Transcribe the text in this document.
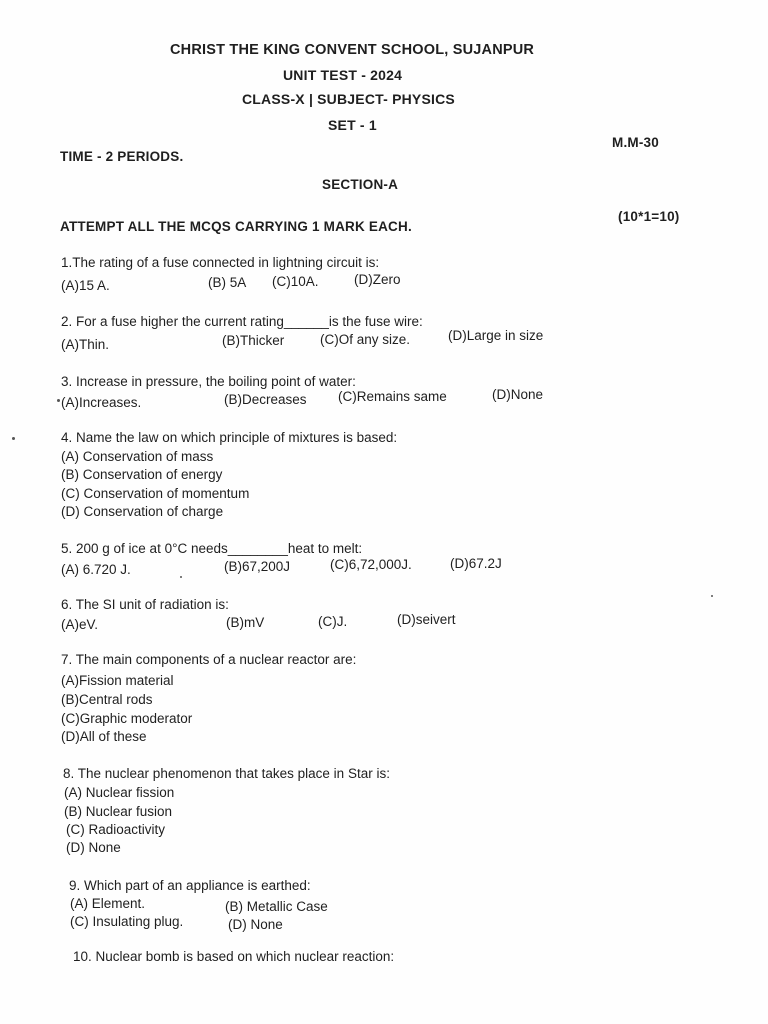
CHRIST THE KING CONVENT SCHOOL, SUJANPUR
UNIT TEST - 2024
CLASS-X | SUBJECT- PHYSICS
SET - 1
TIME - 2 PERIODS.
M.M-30
SECTION-A
ATTEMPT ALL THE MCQS CARRYING 1 MARK EACH.
(10*1=10)
1.The rating of a fuse connected in lightning circuit is:
(A)15 A.	(B) 5A (C)10A.	(D)Zero
2. For a fuse higher the current rating______is the fuse wire:
(A)Thin.	(B)Thicker	(C)Of any size.	(D)Large in size
3. Increase in pressure, the boiling point of water:
(A)Increases.	(B)Decreases (C)Remains same	(D)None
4. Name the law on which principle of mixtures is based:
(A) Conservation of mass
(B) Conservation of energy
(C) Conservation of momentum
(D) Conservation of charge
5. 200 g of ice at 0°C needs________heat to melt:
(A) 6.720 J.	(B)67,200J	(C)6,72,000J.	(D)67.2J
6. The SI unit of radiation is:
(A)eV.	(B)mV	(C)J.	(D)seivert
7. The main components of a nuclear reactor are:
(A)Fission material
(B)Central rods
(C)Graphic moderator
(D)All of these
8. The nuclear phenomenon that takes place in Star is:
(A) Nuclear fission
(B) Nuclear fusion
(C) Radioactivity
(D) None
9. Which part of an appliance is earthed:
(A) Element.	(B) Metallic Case
(C) Insulating plug.	(D) None
10. Nuclear bomb is based on which nuclear reaction:
